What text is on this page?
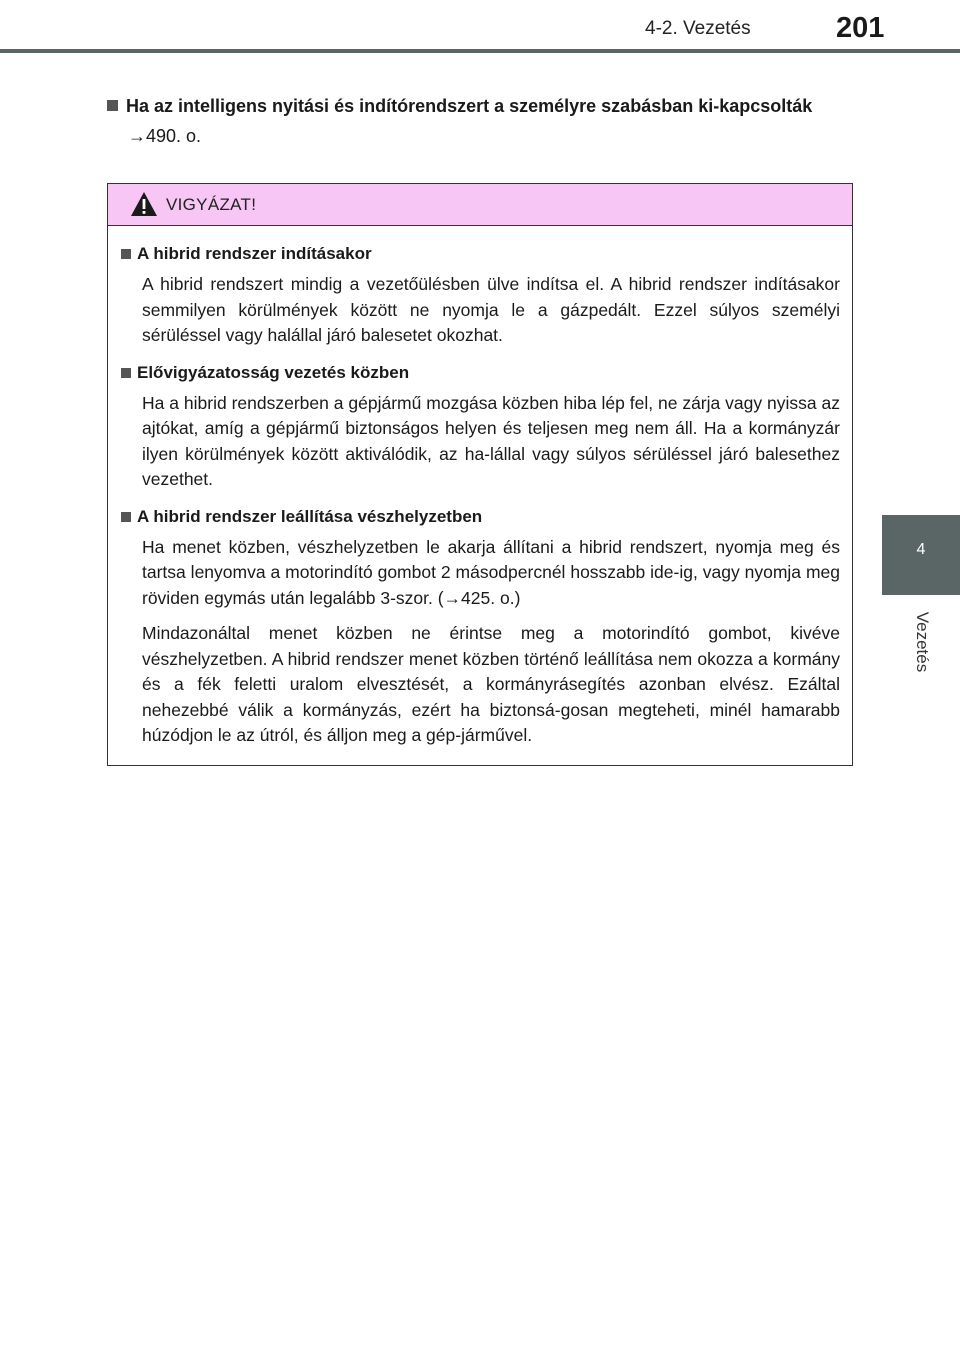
4-2. Vezetés	201
4
Vezetés
Ha az intelligens nyitási és indítórendszert a személyre szabásban ki-kapcsolták
→490. o.
VIGYÁZAT!
A hibrid rendszer indításakor

A hibrid rendszert mindig a vezetőülésben ülve indítsa el. A hibrid rendszer indításakor semmilyen körülmények között ne nyomja le a gázpedált. Ezzel súlyos személyi sérüléssel vagy halállal járó balesetet okozhat.

Elővigyázatosság vezetés közben

Ha a hibrid rendszerben a gépjármű mozgása közben hiba lép fel, ne zárja vagy nyissa az ajtókat, amíg a gépjármű biztonságos helyen és teljesen meg nem áll. Ha a kormányzár ilyen körülmények között aktiválódik, az ha-lállal vagy súlyos sérüléssel járó balesethez vezethet.

A hibrid rendszer leállítása vészhelyzetben

Ha menet közben, vészhelyzetben le akarja állítani a hibrid rendszert, nyomja meg és tartsa lenyomva a motorindító gombot 2 másodpercnél hosszabb ide-ig, vagy nyomja meg röviden egymás után legalább 3-szor. (→425. o.)

Mindazonáltal menet közben ne érintse meg a motorindító gombot, kivéve vészhelyzetben. A hibrid rendszer menet közben történő leállítása nem okozza a kormány és a fék feletti uralom elvesztését, a kormányrásegítés azonban elvész. Ezáltal nehezebbé válik a kormányzás, ezért ha biztonsá-gosan megteheti, minél hamarabb húzódjon le az útról, és álljon meg a gép-járművel.
